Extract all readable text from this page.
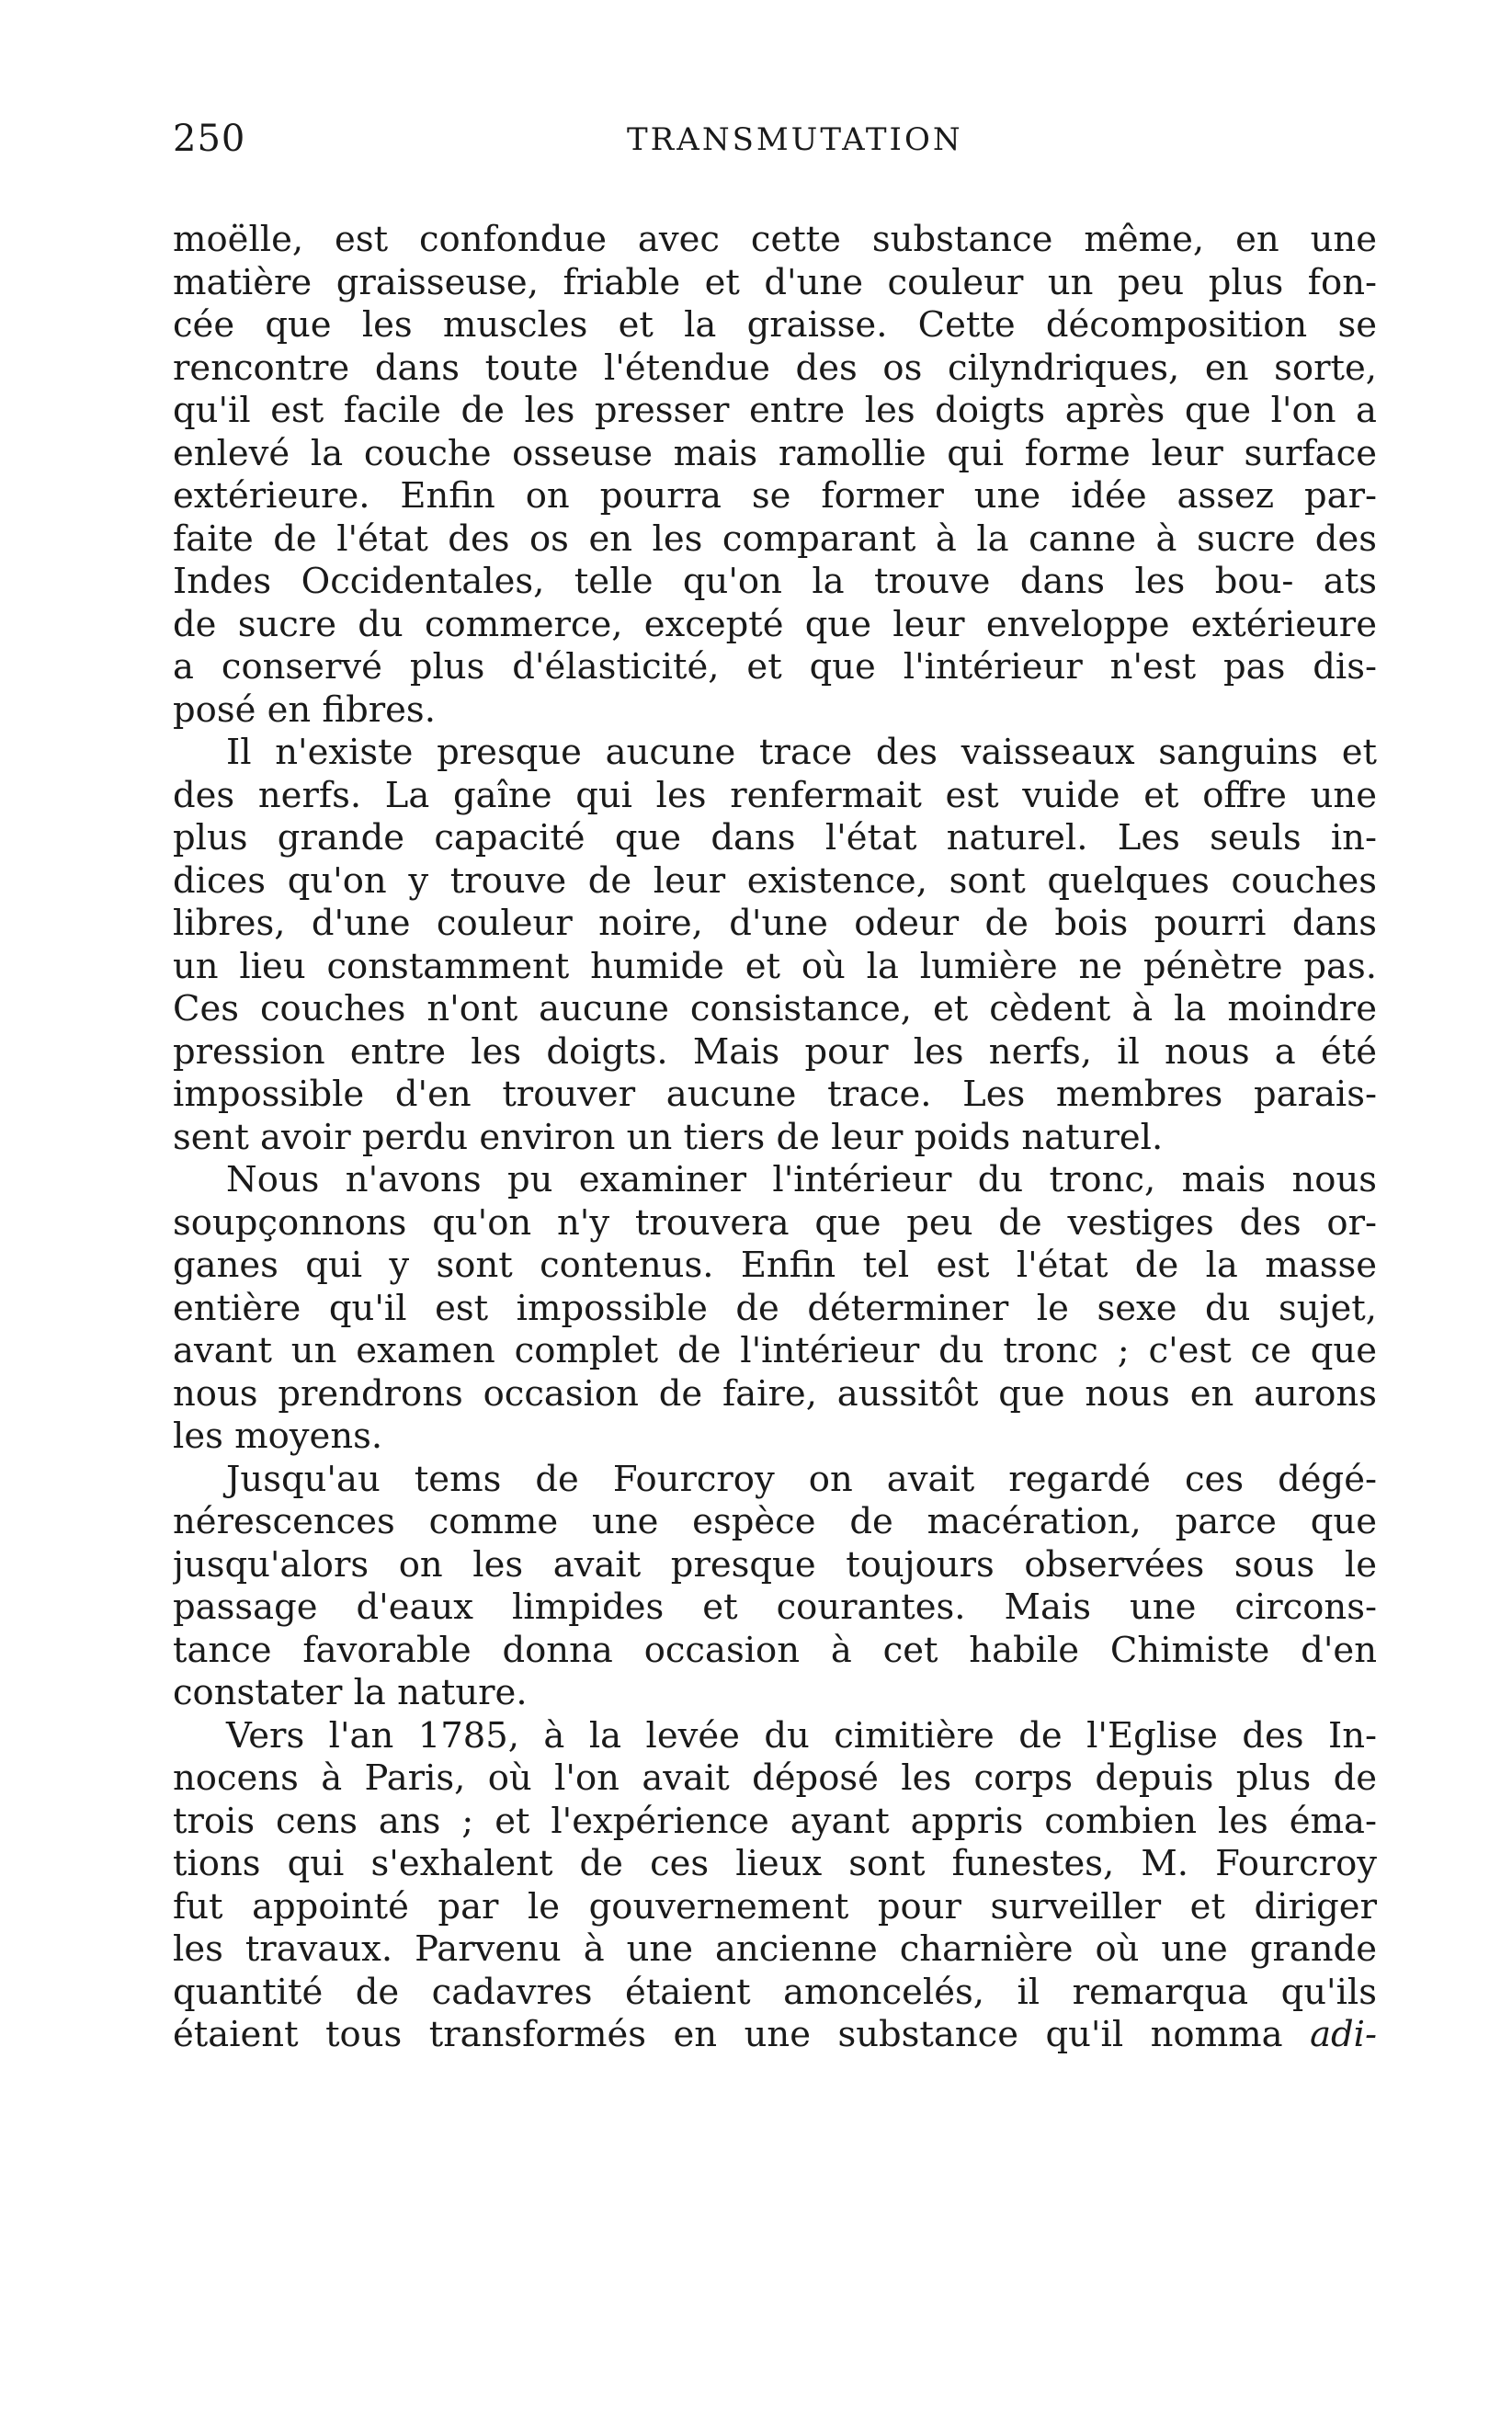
250	TRANSMUTATION
moëlle, est confondue avec cette substance même, en une
matière graisseuse, friable et d'une couleur un peu plus fon-
cée que les muscles et la graisse. Cette décomposition se
rencontre dans toute l'étendue des os cilyndriques, en sorte,
qu'il est facile de les presser entre les doigts après que l'on a
enlevé la couche osseuse mais ramollie qui forme leur surface
extérieure. Enfin on pourra se former une idée assez par-
faite de l'état des os en les comparant à la canne à sucre des
Indes Occidentales, telle qu'on la trouve dans les bou- ats
de sucre du commerce, excepté que leur enveloppe extérieure
a conservé plus d'élasticité, et que l'intérieur n'est pas dis-
posé en fibres.
Il n'existe presque aucune trace des vaisseaux sanguins et
des nerfs. La gaîne qui les renfermait est vuide et offre une
plus grande capacité que dans l'état naturel. Les seuls in-
dices qu'on y trouve de leur existence, sont quelques couches
libres, d'une couleur noire, d'une odeur de bois pourri dans
un lieu constamment humide et où la lumière ne pénètre pas.
Ces couches n'ont aucune consistance, et cèdent à la moindre
pression entre les doigts. Mais pour les nerfs, il nous a été
impossible d'en trouver aucune trace. Les membres parais-
sent avoir perdu environ un tiers de leur poids naturel.
Nous n'avons pu examiner l'intérieur du tronc, mais nous
soupçonnons qu'on n'y trouvera que peu de vestiges des or-
ganes qui y sont contenus. Enfin tel est l'état de la masse
entière qu'il est impossible de déterminer le sexe du sujet,
avant un examen complet de l'intérieur du tronc ; c'est ce que
nous prendrons occasion de faire, aussitôt que nous en aurons
les moyens.
Jusqu'au tems de Fourcroy on avait regardé ces dégé-
nérescences comme une espèce de macération, parce que
jusqu'alors on les avait presque toujours observées sous le
passage d'eaux limpides et courantes. Mais une circons-
tance favorable donna occasion à cet habile Chimiste d'en
constater la nature.
Vers l'an 1785, à la levée du cimitière de l'Eglise des In-
nocens à Paris, où l'on avait déposé les corps depuis plus de
trois cens ans ; et l'expérience ayant appris combien les éma-
tions qui s'exhalent de ces lieux sont funestes, M. Fourcroy
fut appointé par le gouvernement pour surveiller et diriger
les travaux. Parvenu à une ancienne charnière où une grande
quantité de cadavres étaient amoncelés, il remarqua qu'ils
étaient tous transformés en une substance qu'il nomma adi-
